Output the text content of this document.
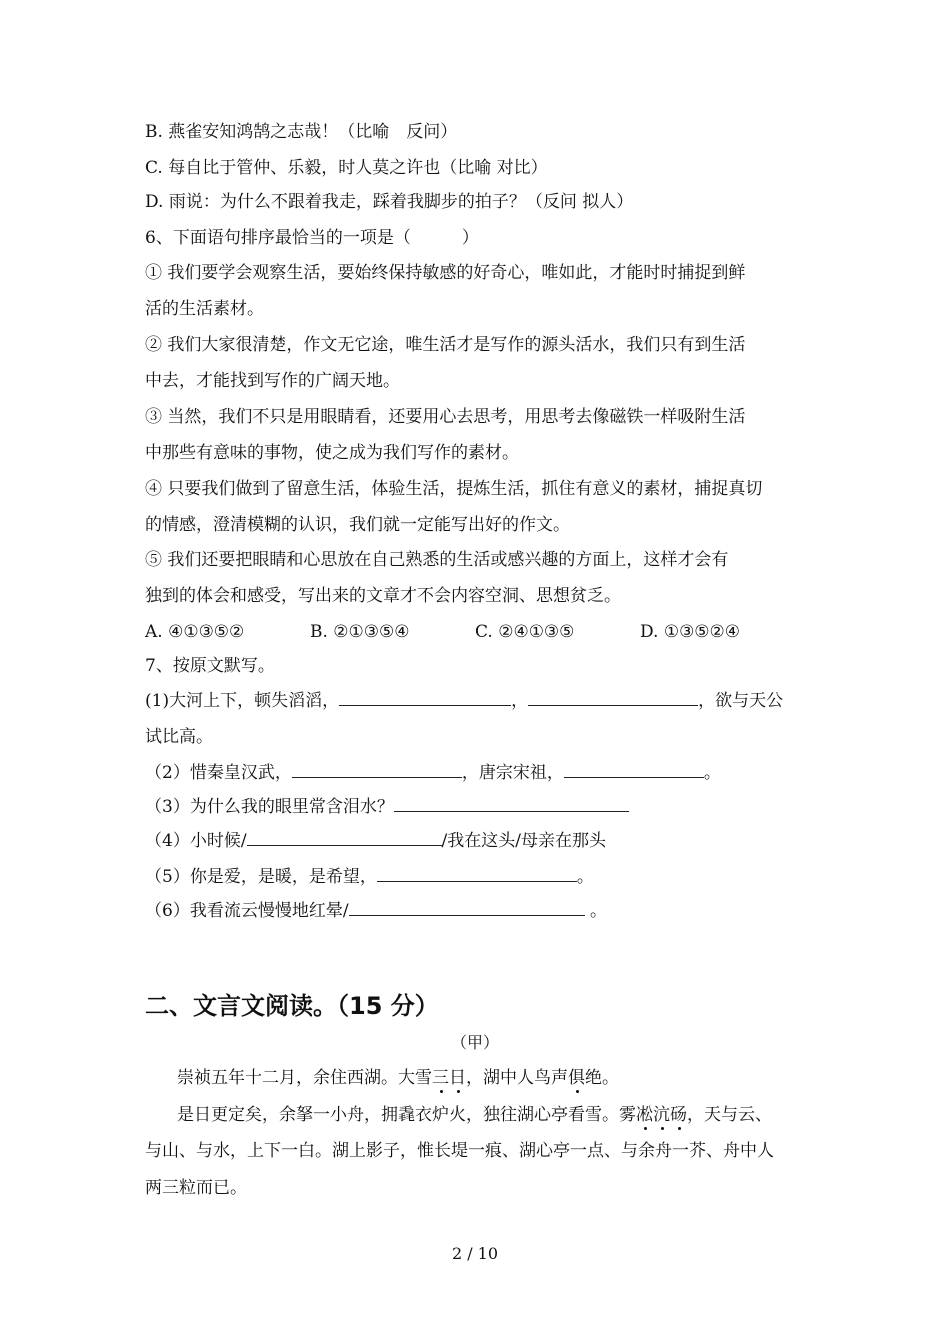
B. 燕雀安知鸿鹄之志哉！（比喻　反问）
C. 每自比于管仲、乐毅，时人莫之许也（比喻 对比）
D. 雨说：为什么不跟着我走，踩着我脚步的拍子？（反问 拟人）
6、下面语句排序最恰当的一项是（　　　）
① 我们要学会观察生活，要始终保持敏感的好奇心，唯如此，才能时时捕捉到鲜
活的生活素材。
② 我们大家很清楚，作文无它途，唯生活才是写作的源头活水，我们只有到生活
中去，才能找到写作的广阔天地。
③ 当然，我们不只是用眼睛看，还要用心去思考，用思考去像磁铁一样吸附生活
中那些有意味的事物，使之成为我们写作的素材。
④ 只要我们做到了留意生活，体验生活，提炼生活，抓住有意义的素材，捕捉真切
的情感，澄清模糊的认识，我们就一定能写出好的作文。
⑤ 我们还要把眼睛和心思放在自己熟悉的生活或感兴趣的方面上，这样才会有
独到的体会和感受，写出来的文章才不会内容空洞、思想贫乏。
A. ④①③⑤②	B. ②①③⑤④	C. ②④①③⑤	D. ①③⑤②④
7、按原文默写。
(1)大河上下，顿失滔滔，	，	，欲与天公
试比高。
（2）惜秦皇汉武，	，唐宗宋祖，	。
（3）为什么我的眼里常含泪水？
（4）小时候/	/我在这头/母亲在那头
（5）你是爱，是暖，是希望，	。
（6）我看流云慢慢地红晕/	。
二、文言文阅读。（15 分）
（甲）
崇祯五年十二月，余住西湖。大雪三日，湖中人鸟声俱绝。
是日更定矣，余拏一小舟，拥毳衣炉火，独往湖心亭看雪。雾凇沆砀，天与云、
与山、与水，上下一白。湖上影子，惟长堤一痕、湖心亭一点、与余舟一芥、舟中人
两三粒而已。
2 / 10
